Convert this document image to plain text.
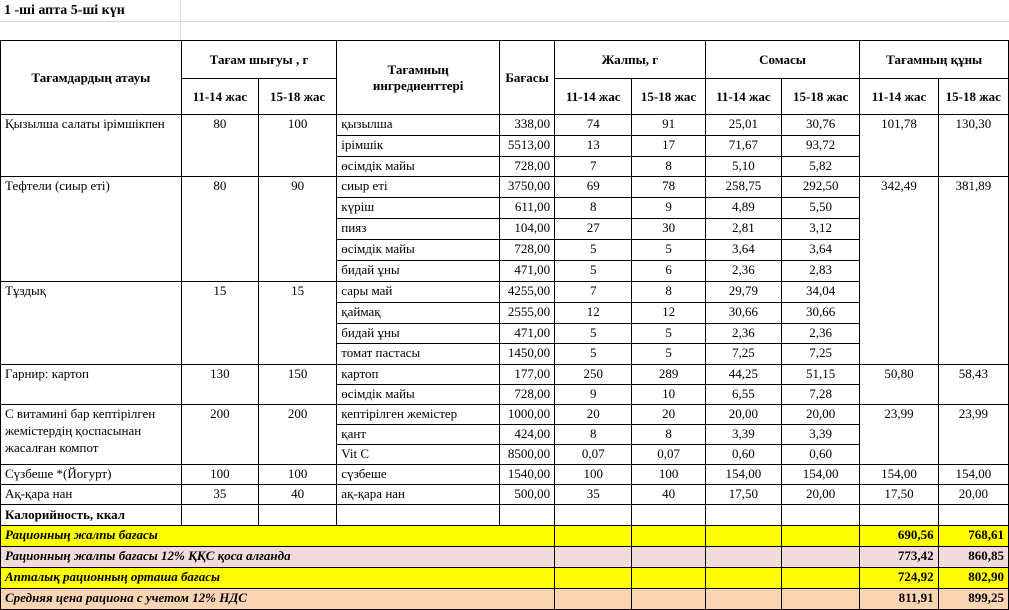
1 -ші апта 5-ші күн
Тағамдардың атауы	Тағам шығуы , г		Тағамның ингредиенттері	Бағасы	Жалпы, г		Сомасы		Тағамның құны	
	11-14 жас	15-18 жас			11-14 жас	15-18 жас	11-14 жас	15-18 жас	11-14 жас	15-18 жас
Қызылша салаты ірімшікпен	80	100	қызылша	338,00	74	91	25,01	30,76	101,78	130,30
			ірімшік	5513,00	13	17	71,67	93,72		
			өсімдік майы	728,00	7	8	5,10	5,82		
Тефтели (сиыр еті)	80	90	сиыр еті	3750,00	69	78	258,75	292,50	342,49	381,89
			күріш	611,00	8	9	4,89	5,50		
			пияз	104,00	27	30	2,81	3,12		
			өсімдік майы	728,00	5	5	3,64	3,64		
			бидай ұны	471,00	5	6	2,36	2,83		
Тұздық	15	15	сары май	4255,00	7	8	29,79	34,04		
			қаймақ	2555,00	12	12	30,66	30,66		
			бидай ұны	471,00	5	5	2,36	2,36		
			томат пастасы	1450,00	5	5	7,25	7,25		
Гарнир: картоп	130	150	картоп	177,00	250	289	44,25	51,15	50,80	58,43
			өсімдік майы	728,00	9	10	6,55	7,28		
С витамині бар кептірілген жемістердің қоспасынан жасалған компот	200	200	кептірілген жемістер	1000,00	20	20	20,00	20,00	23,99	23,99
			қант	424,00	8	8	3,39	3,39		
			Vit C	8500,00	0,07	0,07	0,60	0,60		
Сүзбеше *(Йогурт)	100	100	сүзбеше	1540,00	100	100	154,00	154,00	154,00	154,00
Ақ-қара нан	35	40	ақ-қара нан	500,00	35	40	17,50	20,00	17,50	20,00
Калорийность, ккал										
Рационның жалпы бағасы									690,56	768,61
Рационның жалпы бағасы 12% ҚҚС қоса алғанда									773,42	860,85
Апталық рационның орташа бағасы									724,92	802,90
Средняя цена рациона с учетом 12% НДС									811,91	899,25
